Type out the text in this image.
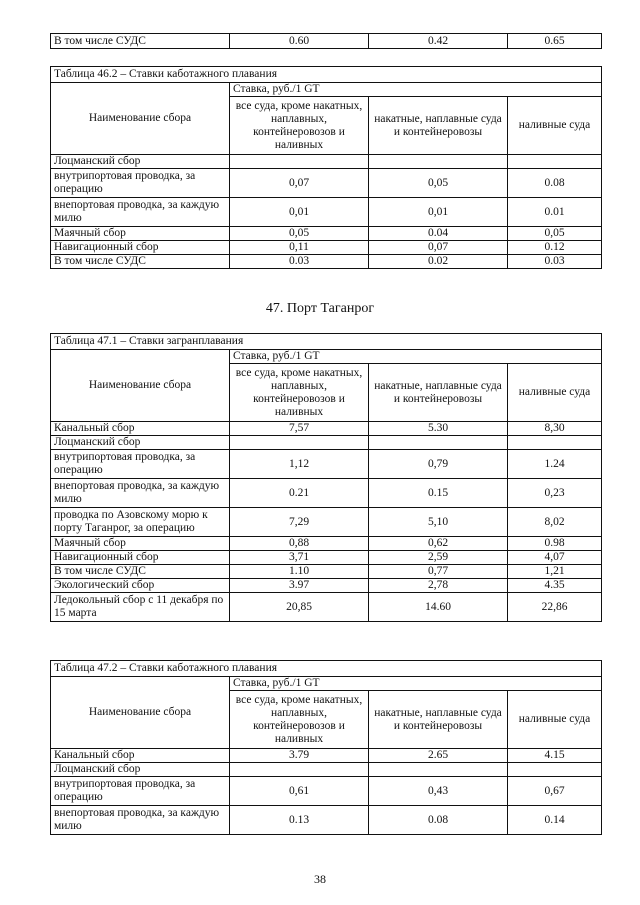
В том числе СУДС	0.60	0.42	0.65
Таблица 46.2 – Ставки каботажного плавания			
Наименование сбора	Ставка, руб./1 GT		
	все суда, кроме накатных, наплавных, контейнеровозов и наливных	накатные, наплавные суда и контейнеровозы	наливные суда
Лоцманский сбор			
внутрипортовая проводка, за операцию	0,07	0,05	0.08
внепортовая проводка, за каждую милю	0,01	0,01	0.01
Маячный сбор	0,05	0.04	0,05
Навигационный сбор	0,11	0,07	0.12
В том числе СУДС	0.03	0.02	0.03
47. Порт Таганрог
Таблица 47.1 – Ставки загранплавания			
Наименование сбора	Ставка, руб./1 GT		
	все суда, кроме накатных, наплавных, контейнеровозов и наливных	накатные, наплавные суда и контейнеровозы	наливные суда
Канальный сбор	7,57	5.30	8,30
Лоцманский сбор			
внутрипортовая проводка, за операцию	1,12	0,79	1.24
внепортовая проводка, за каждую милю	0.21	0.15	0,23
проводка по Азовскому морю к порту Таганрог, за операцию	7,29	5,10	8,02
Маячный сбор	0,88	0,62	0.98
Навигационный сбор	3,71	2,59	4,07
В том числе СУДС	1.10	0,77	1,21
Экологический сбор	3.97	2,78	4.35
Ледокольный сбор с 11 декабря по 15 марта	20,85	14.60	22,86
Таблица 47.2 – Ставки каботажного плавания			
Наименование сбора	Ставка, руб./1 GT		
	все суда, кроме накатных, наплавных, контейнеровозов и наливных	накатные, наплавные суда и контейнеровозы	наливные суда
Канальный сбор	3.79	2.65	4.15
Лоцманский сбор			
внутрипортовая проводка, за операцию	0,61	0,43	0,67
внепортовая проводка, за каждую милю	0.13	0.08	0.14
38
